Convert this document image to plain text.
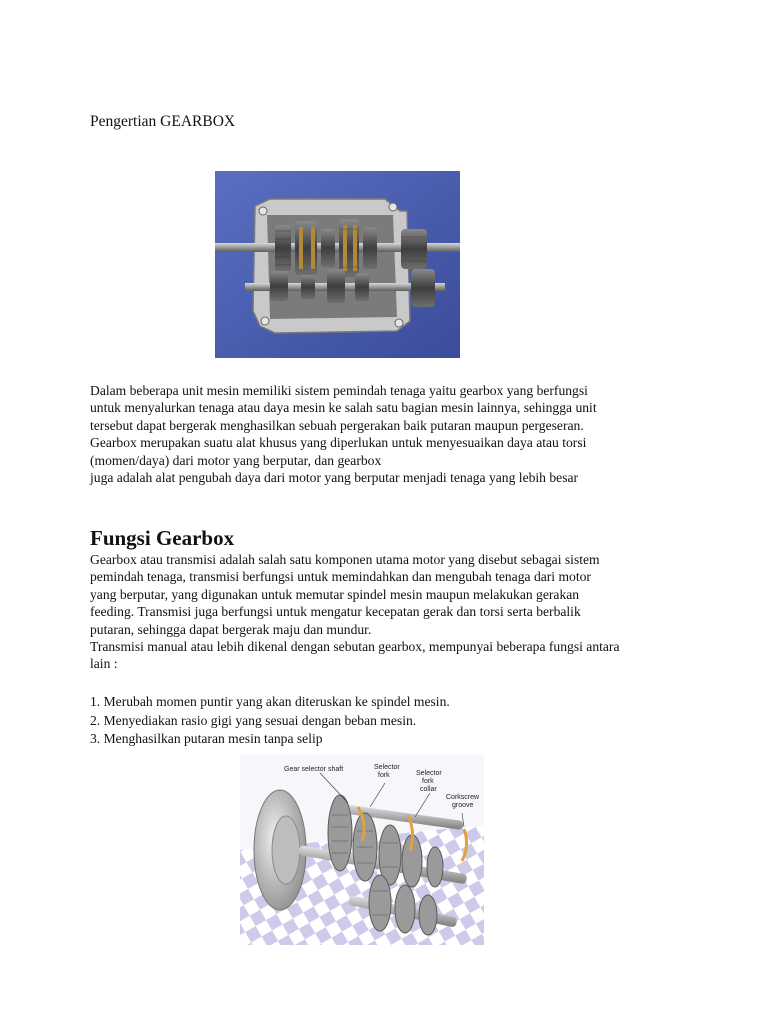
Pengertian GEARBOX

Dalam beberapa unit mesin memiliki sistem pemindah tenaga yaitu gearbox yang berfungsi
untuk menyalurkan tenaga atau daya mesin ke salah satu bagian mesin lainnya, sehingga unit
tersebut dapat bergerak menghasilkan sebuah pergerakan baik putaran maupun pergeseran.
Gearbox merupakan suatu alat khusus yang diperlukan untuk menyesuaikan daya atau torsi
(momen/daya) dari motor yang berputar, dan gearbox
juga adalah alat pengubah daya dari motor yang berputar menjadi tenaga yang lebih besar

Fungsi Gearbox

Gearbox atau transmisi adalah salah satu komponen utama motor yang disebut sebagai sistem
pemindah tenaga, transmisi berfungsi untuk memindahkan dan mengubah tenaga dari motor
yang berputar, yang digunakan untuk memutar spindel mesin maupun melakukan gerakan
feeding. Transmisi juga berfungsi untuk mengatur kecepatan gerak dan torsi serta berbalik
putaran, sehingga dapat bergerak maju dan mundur.
Transmisi manual atau lebih dikenal dengan sebutan gearbox, mempunyai beberapa fungsi antara
lain :

1. Merubah momen puntir yang akan diteruskan ke spindel mesin.
2. Menyediakan rasio gigi yang sesuai dengan beban mesin.
3. Menghasilkan putaran mesin tanpa selip
Gear selector shaft	Selector
fork	Selector
fork
collar
Corkscrew
groove
